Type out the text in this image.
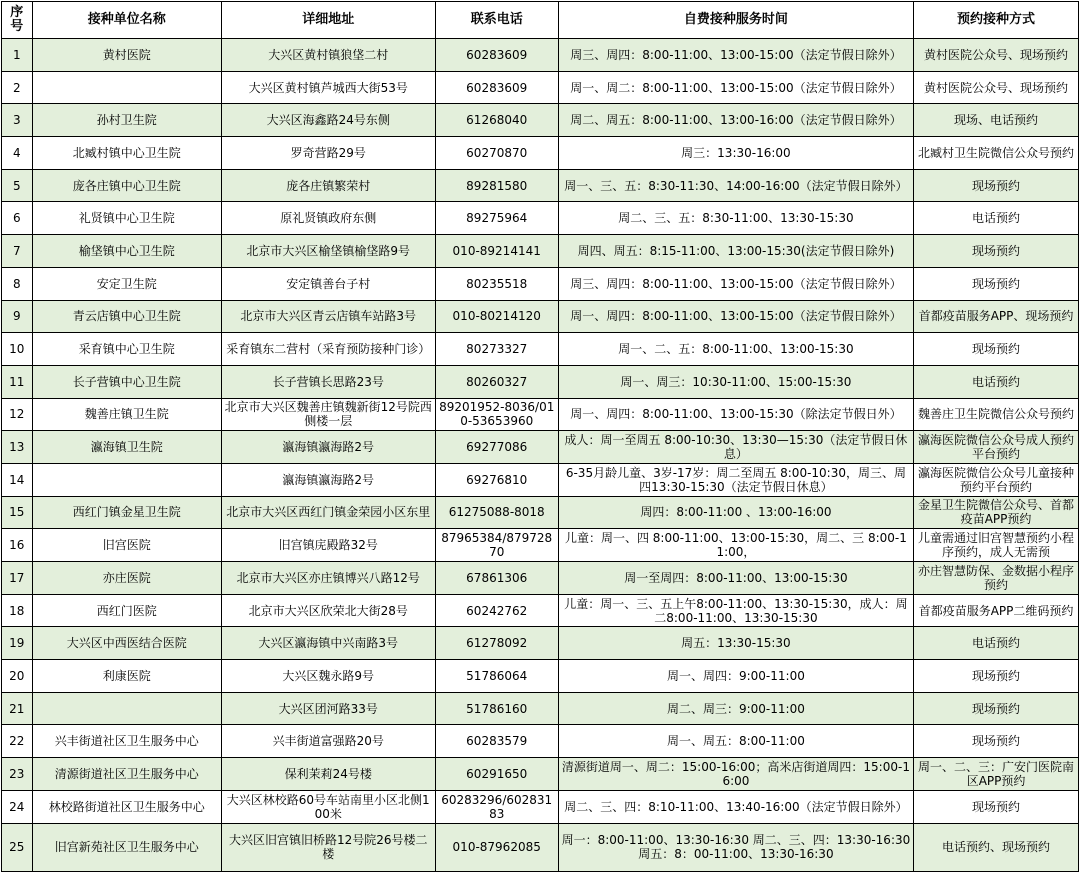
序号	接种单位名称	详细地址	联系电话	自费接种服务时间	预约接种方式
1	黄村医院	大兴区黄村镇狼垡二村	60283609	周三、周四：8:00-11:00、13:00-15:00（法定节假日除外）	黄村医院公众号、现场预约
2		大兴区黄村镇芦城西大街53号	60283609	周一、周二：8:00-11:00、13:00-15:00（法定节假日除外）	黄村医院公众号、现场预约
3	孙村卫生院	大兴区海鑫路24号东侧	61268040	周二、周五：8:00-11:00、13:00-16:00（法定节假日除外）	现场、电话预约
4	北臧村镇中心卫生院	罗奇营路29号	60270870	周三：13:30-16:00	北臧村卫生院微信公众号预约
5	庞各庄镇中心卫生院	庞各庄镇繁荣村	89281580	周一、三、五：8:30-11:30、14:00-16:00（法定节假日除外）	现场预约
6	礼贤镇中心卫生院	原礼贤镇政府东侧	89275964	周二、三、五：8:30-11:00、13:30-15:30	电话预约
7	榆垡镇中心卫生院	北京市大兴区榆垡镇榆垡路9号	010-89214141	周四、周五：8:15-11:00、13:00-15:30(法定节假日除外)	现场预约
8	安定卫生院	安定镇善台子村	80235518	周三、周四：8:00-11:00、13:00-15:00（法定节假日除外）	现场预约
9	青云店镇中心卫生院	北京市大兴区青云店镇车站路3号	010-80214120	周一、周四：8:00-11:00、13:00-15:00（法定节假日除外）	首都疫苗服务APP、现场预约
10	采育镇中心卫生院	采育镇东二营村（采育预防接种门诊）	80273327	周一、二、五：8:00-11:00、13:00-15:30	现场预约
11	长子营镇中心卫生院	长子营镇长思路23号	80260327	周一、周三：10:30-11:00、15:00-15:30	电话预约
12	魏善庄镇卫生院	北京市大兴区魏善庄镇魏新街12号院西侧楼一层	89201952-8036/010-53653960	周一、周四：8:00-11:00、13:00-15:30（除法定节假日外）	魏善庄卫生院微信公众号预约
13	瀛海镇卫生院	瀛海镇瀛海路2号	69277086	成人：周一至周五 8:00-10:30、13:30—15:30（法定节假日休息）	瀛海医院微信公众号成人预约平台预约
14		瀛海镇瀛海路2号	69276810	6-35月龄儿童、3岁-17岁：周二至周五 8:00-10:30，周三、周四13:30-15:30（法定节假日休息）	瀛海医院微信公众号儿童接种预约平台预约
15	西红门镇金星卫生院	北京市大兴区西红门镇金荣园小区东里	61275088-8018	周四：8:00-11:00 、13:00-16:00	金星卫生院微信公众号、首都疫苗APP预约
16	旧宫医院	旧宫镇庑殿路32号	87965384/87972870	儿童：周一、四 8:00-11:00、13:00-15:30，周二、三 8:00-11:00，	儿童需通过旧宫智慧预约小程序预约，成人无需预
17	亦庄医院	北京市大兴区亦庄镇博兴八路12号	67861306	周一至周四：8:00-11:00、13:00-15:30	亦庄智慧防保、金数据小程序预约
18	西红门医院	北京市大兴区欣荣北大街28号	60242762	儿童：周一、三、五上午8:00-11:00、13:30-15:30，成人：周二8:00-11:00、13:30-15:30	首都疫苗服务APP二维码预约
19	大兴区中西医结合医院	大兴区瀛海镇中兴南路3号	61278092	周五：13:30-15:30	电话预约
20	利康医院	大兴区魏永路9号	51786064	周一、周四：9:00-11:00	现场预约
21		大兴区团河路33号	51786160	周二、周三：9:00-11:00	现场预约
22	兴丰街道社区卫生服务中心	兴丰街道富强路20号	60283579	周一、周五：8:00-11:00	现场预约
23	清源街道社区卫生服务中心	保利茉莉24号楼	60291650	清源街道周一、周二：15:00-16:00；高米店街道周四：15:00-16:00	周一、二、三：广安门医院南区APP预约
24	林校路街道社区卫生服务中心	大兴区林校路60号车站南里小区北侧100米	60283296/60283183	周二、三、四：8:10-11:00、13:40-16:00（法定节假日除外）	现场预约
25	旧宫新苑社区卫生服务中心	大兴区旧宫镇旧桥路12号院26号楼二楼	010-87962085	周一：8:00-11:00、13:30-16:30 周二、三、四：13:30-16:30 周五：8：00-11:00、13:30-16:30	电话预约、现场预约
